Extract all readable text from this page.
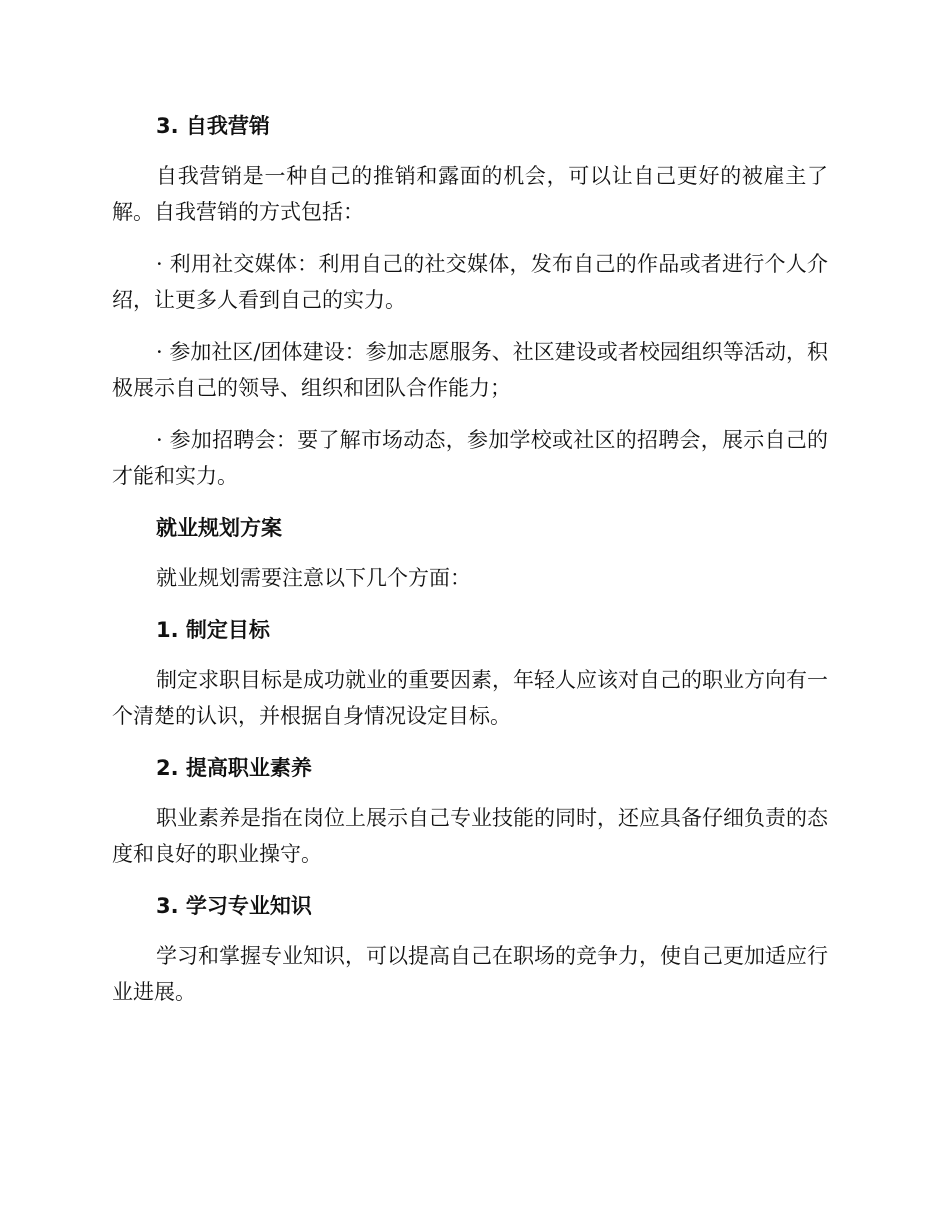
3. 自我营销

自我营销是一种自己的推销和露面的机会，可以让自己更好的被雇主了解。自我营销的方式包括：

· 利用社交媒体：利用自己的社交媒体，发布自己的作品或者进行个人介绍，让更多人看到自己的实力。

· 参加社区/团体建设：参加志愿服务、社区建设或者校园组织等活动，积极展示自己的领导、组织和团队合作能力；

· 参加招聘会：要了解市场动态，参加学校或社区的招聘会，展示自己的才能和实力。

就业规划方案

就业规划需要注意以下几个方面：

1. 制定目标

制定求职目标是成功就业的重要因素，年轻人应该对自己的职业方向有一个清楚的认识，并根据自身情况设定目标。

2. 提高职业素养

职业素养是指在岗位上展示自己专业技能的同时，还应具备仔细负责的态度和良好的职业操守。

3. 学习专业知识

学习和掌握专业知识，可以提高自己在职场的竞争力，使自己更加适应行业进展。
